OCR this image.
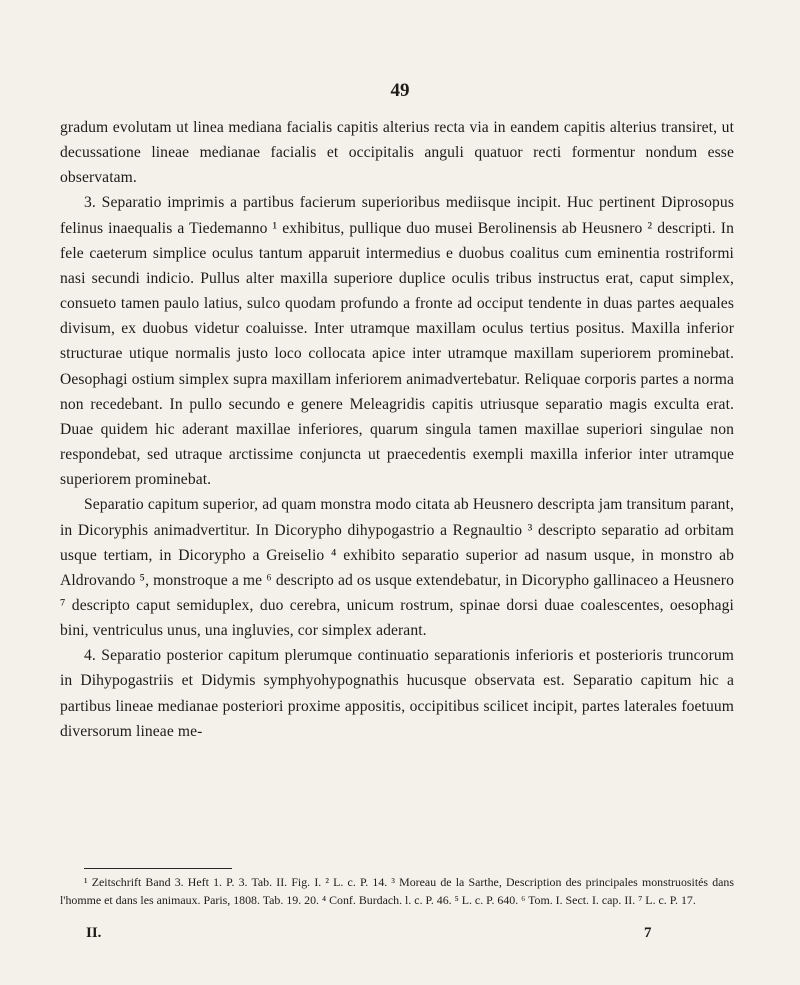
49

gradum evolutam ut linea mediana facialis capitis alterius recta via in eandem capitis alterius transiret, ut decussatione lineae medianae facialis et occipitalis anguli quatuor recti formentur nondum esse observatam.

3. Separatio imprimis a partibus facierum superioribus mediisque incipit. Huc pertinent Diprosopus felinus inaequalis a Tiedemanno ¹ exhibitus, pullique duo musei Berolinensis ab Heusnero ² descripti. In fele caeterum simplice oculus tantum apparuit intermedius e duobus coalitus cum eminentia rostriformi nasi secundi indicio. Pullus alter maxilla superiore duplice oculis tribus instructus erat, caput simplex, consueto tamen paulo latius, sulco quodam profundo a fronte ad occiput tendente in duas partes aequales divisum, ex duobus videtur coaluisse. Inter utramque maxillam oculus tertius positus. Maxilla inferior structurae utique normalis justo loco collocata apice inter utramque maxillam superiorem prominebat. Oesophagi ostium simplex supra maxillam inferiorem animadvertebatur. Reliquae corporis partes a norma non recedebant. In pullo secundo e genere Meleagridis capitis utriusque separatio magis exculta erat. Duae quidem hic aderant maxillae inferiores, quarum singula tamen maxillae superiori singulae non respondebat, sed utraque arctissime conjuncta ut praecedentis exempli maxilla inferior inter utramque superiorem prominebat.

Separatio capitum superior, ad quam monstra modo citata ab Heusnero descripta jam transitum parant, in Dicoryphis animadvertitur. In Dicorypho dihypogastrio a Regnaultio ³ descripto separatio ad orbitam usque tertiam, in Dicorypho a Greiselio ⁴ exhibito separatio superior ad nasum usque, in monstro ab Aldrovando ⁵, monstroque a me ⁶ descripto ad os usque extendebatur, in Dicorypho gallinaceo a Heusnero ⁷ descripto caput semiduplex, duo cerebra, unicum rostrum, spinae dorsi duae coalescentes, oesophagi bini, ventriculus unus, una ingluvies, cor simplex aderant.

4. Separatio posterior capitum plerumque continuatio separationis inferioris et posterioris truncorum in Dihypogastriis et Didymis symphyohypognathis hucusque observata est. Separatio capitum hic a partibus lineae medianae posteriori proxime appositis, occipitibus scilicet incipit, partes laterales foetuum diversorum lineae me-

¹ Zeitschrift Band 3. Heft 1. P. 3. Tab. II. Fig. I. ² L. c. P. 14. ³ Moreau de la Sarthe, Description des principales monstruosités dans l'homme et dans les animaux. Paris, 1808. Tab. 19. 20. ⁴ Conf. Burdach. l. c. P. 46. ⁵ L. c. P. 640. ⁶ Tom. I. Sect. I. cap. II. ⁷ L. c. P. 17.

II.	7
